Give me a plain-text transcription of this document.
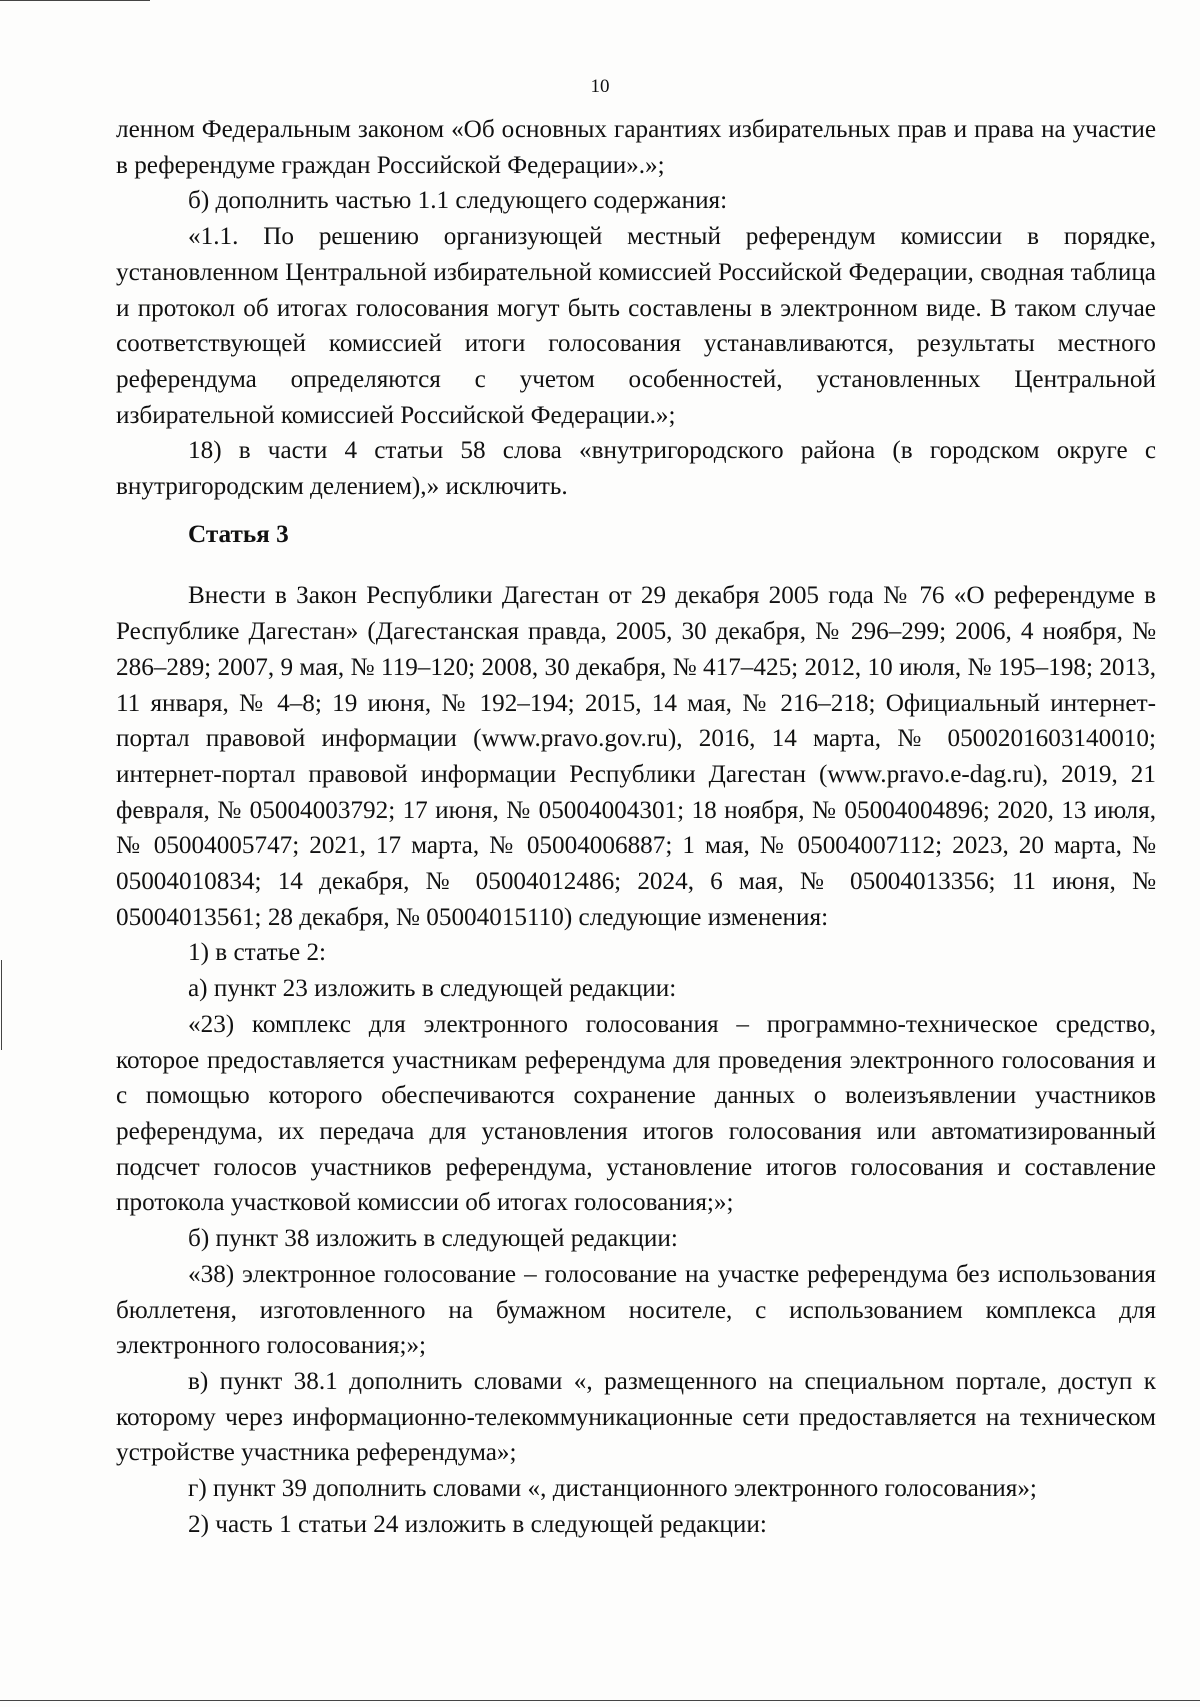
10

ленном Федеральным законом «Об основных гарантиях избирательных прав и права на участие в референдуме граждан Российской Федерации».»;

б) дополнить частью 1.1 следующего содержания:

«1.1. По решению организующей местный референдум комиссии в порядке, установленном Центральной избирательной комиссией Российской Федерации, сводная таблица и протокол об итогах голосования могут быть составлены в электронном виде. В таком случае соответствующей комиссией итоги голосования устанавливаются, результаты местного референдума определяются с учетом особенностей, установленных Центральной избирательной комиссией Российской Федерации.»;

18) в части 4 статьи 58 слова «внутригородского района (в городском округе с внутригородским делением),» исключить.

Статья 3

Внести в Закон Республики Дагестан от 29 декабря 2005 года № 76 «О референдуме в Республике Дагестан» (Дагестанская правда, 2005, 30 декабря, № 296–299; 2006, 4 ноября, № 286–289; 2007, 9 мая, № 119–120; 2008, 30 декабря, № 417–425; 2012, 10 июля, № 195–198; 2013, 11 января, № 4–8; 19 июня, № 192–194; 2015, 14 мая, № 216–218; Официальный интернет-портал правовой информации (www.pravo.gov.ru), 2016, 14 марта, № 0500201603140010; интернет-портал правовой информации Республики Дагестан (www.pravo.e-dag.ru), 2019, 21 февраля, № 05004003792; 17 июня, № 05004004301; 18 ноября, № 05004004896; 2020, 13 июля, № 05004005747; 2021, 17 марта, № 05004006887; 1 мая, № 05004007112; 2023, 20 марта, № 05004010834; 14 декабря, № 05004012486; 2024, 6 мая, № 05004013356; 11 июня, № 05004013561; 28 декабря, № 05004015110) следующие изменения:

1) в статье 2:

а) пункт 23 изложить в следующей редакции:

«23) комплекс для электронного голосования – программно-техническое средство, которое предоставляется участникам референдума для проведения электронного голосования и с помощью которого обеспечиваются сохранение данных о волеизъявлении участников референдума, их передача для установления итогов голосования или автоматизированный подсчет голосов участников референдума, установление итогов голосования и составление протокола участковой комиссии об итогах голосования;»;

б) пункт 38 изложить в следующей редакции:

«38) электронное голосование – голосование на участке референдума без использования бюллетеня, изготовленного на бумажном носителе, с использованием комплекса для электронного голосования;»;

в) пункт 38.1 дополнить словами «, размещенного на специальном портале, доступ к которому через информационно-телекоммуникационные сети предоставляется на техническом устройстве участника референдума»;

г) пункт 39 дополнить словами «, дистанционного электронного голосования»;

2) часть 1 статьи 24 изложить в следующей редакции:
